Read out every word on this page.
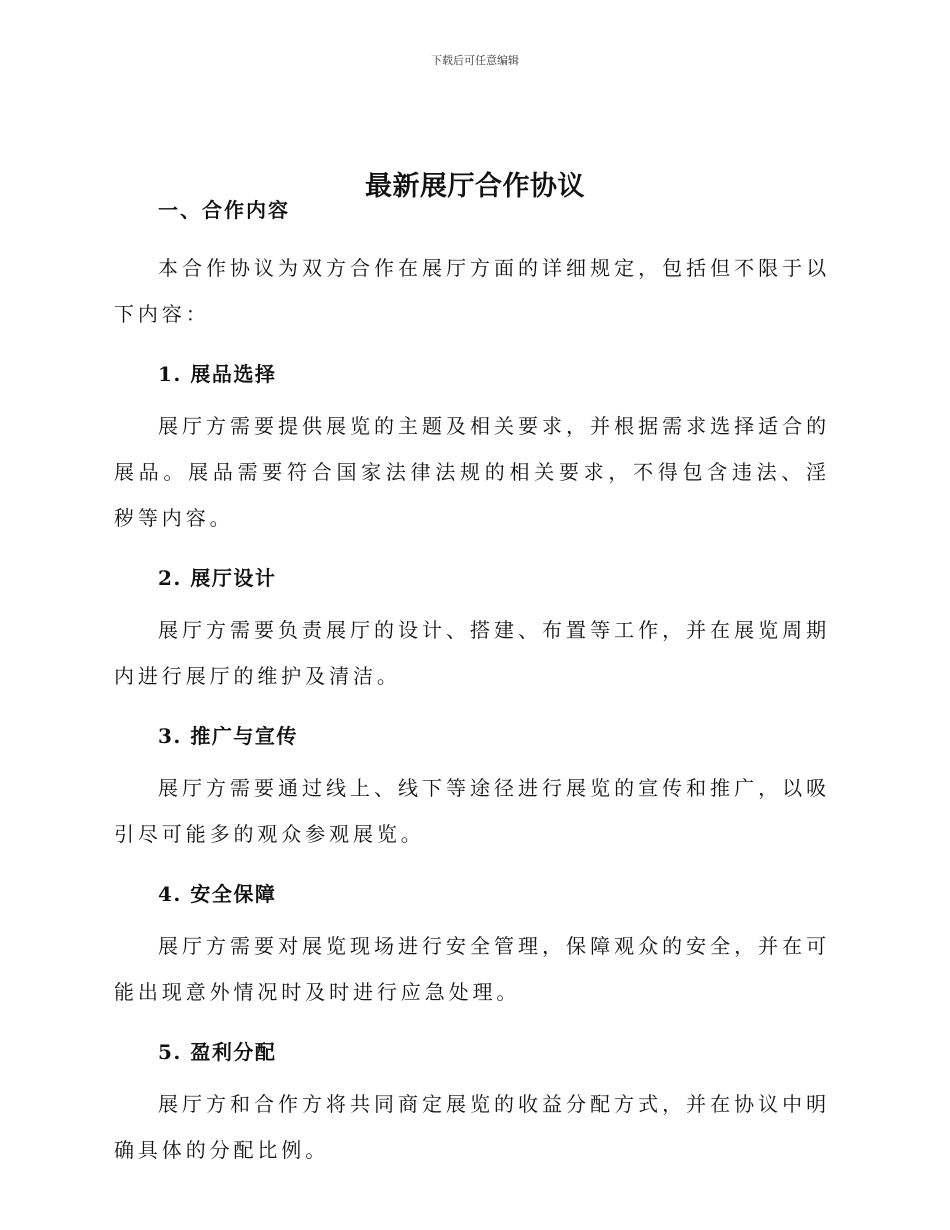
下载后可任意编辑
最新展厅合作协议
一、合作内容

本合作协议为双方合作在展厅方面的详细规定，包括但不限于以下内容：

1. 展品选择

展厅方需要提供展览的主题及相关要求，并根据需求选择适合的展品。展品需要符合国家法律法规的相关要求，不得包含违法、淫秽等内容。

2. 展厅设计

展厅方需要负责展厅的设计、搭建、布置等工作，并在展览周期内进行展厅的维护及清洁。

3. 推广与宣传

展厅方需要通过线上、线下等途径进行展览的宣传和推广，以吸引尽可能多的观众参观展览。

4. 安全保障

展厅方需要对展览现场进行安全管理，保障观众的安全，并在可能出现意外情况时及时进行应急处理。

5. 盈利分配

展厅方和合作方将共同商定展览的收益分配方式，并在协议中明确具体的分配比例。
